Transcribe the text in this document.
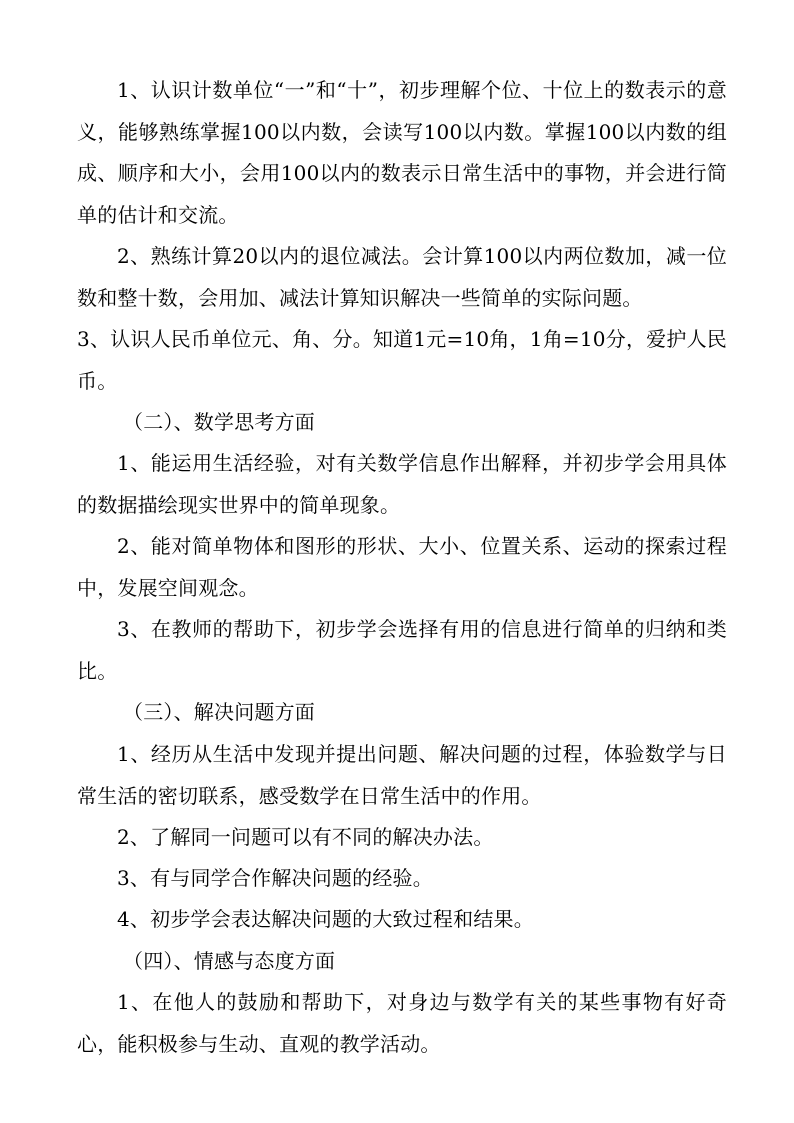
1、认识计数单位“一”和“十”，初步理解个位、十位上的数表示的意义，能够熟练掌握100以内数，会读写100以内数。掌握100以内数的组成、顺序和大小，会用100以内的数表示日常生活中的事物，并会进行简单的估计和交流。

2、熟练计算20以内的退位减法。会计算100以内两位数加，减一位数和整十数，会用加、减法计算知识解决一些简单的实际问题。

3、认识人民币单位元、角、分。知道1元=10角，1角=10分，爱护人民币。

（二）、数学思考方面

1、能运用生活经验，对有关数学信息作出解释，并初步学会用具体的数据描绘现实世界中的简单现象。

2、能对简单物体和图形的形状、大小、位置关系、运动的探索过程中，发展空间观念。

3、在教师的帮助下，初步学会选择有用的信息进行简单的归纳和类比。

（三）、解决问题方面

1、经历从生活中发现并提出问题、解决问题的过程，体验数学与日常生活的密切联系，感受数学在日常生活中的作用。

2、了解同一问题可以有不同的解决办法。

3、有与同学合作解决问题的经验。

4、初步学会表达解决问题的大致过程和结果。

（四）、情感与态度方面

1、在他人的鼓励和帮助下，对身边与数学有关的某些事物有好奇心，能积极参与生动、直观的教学活动。
